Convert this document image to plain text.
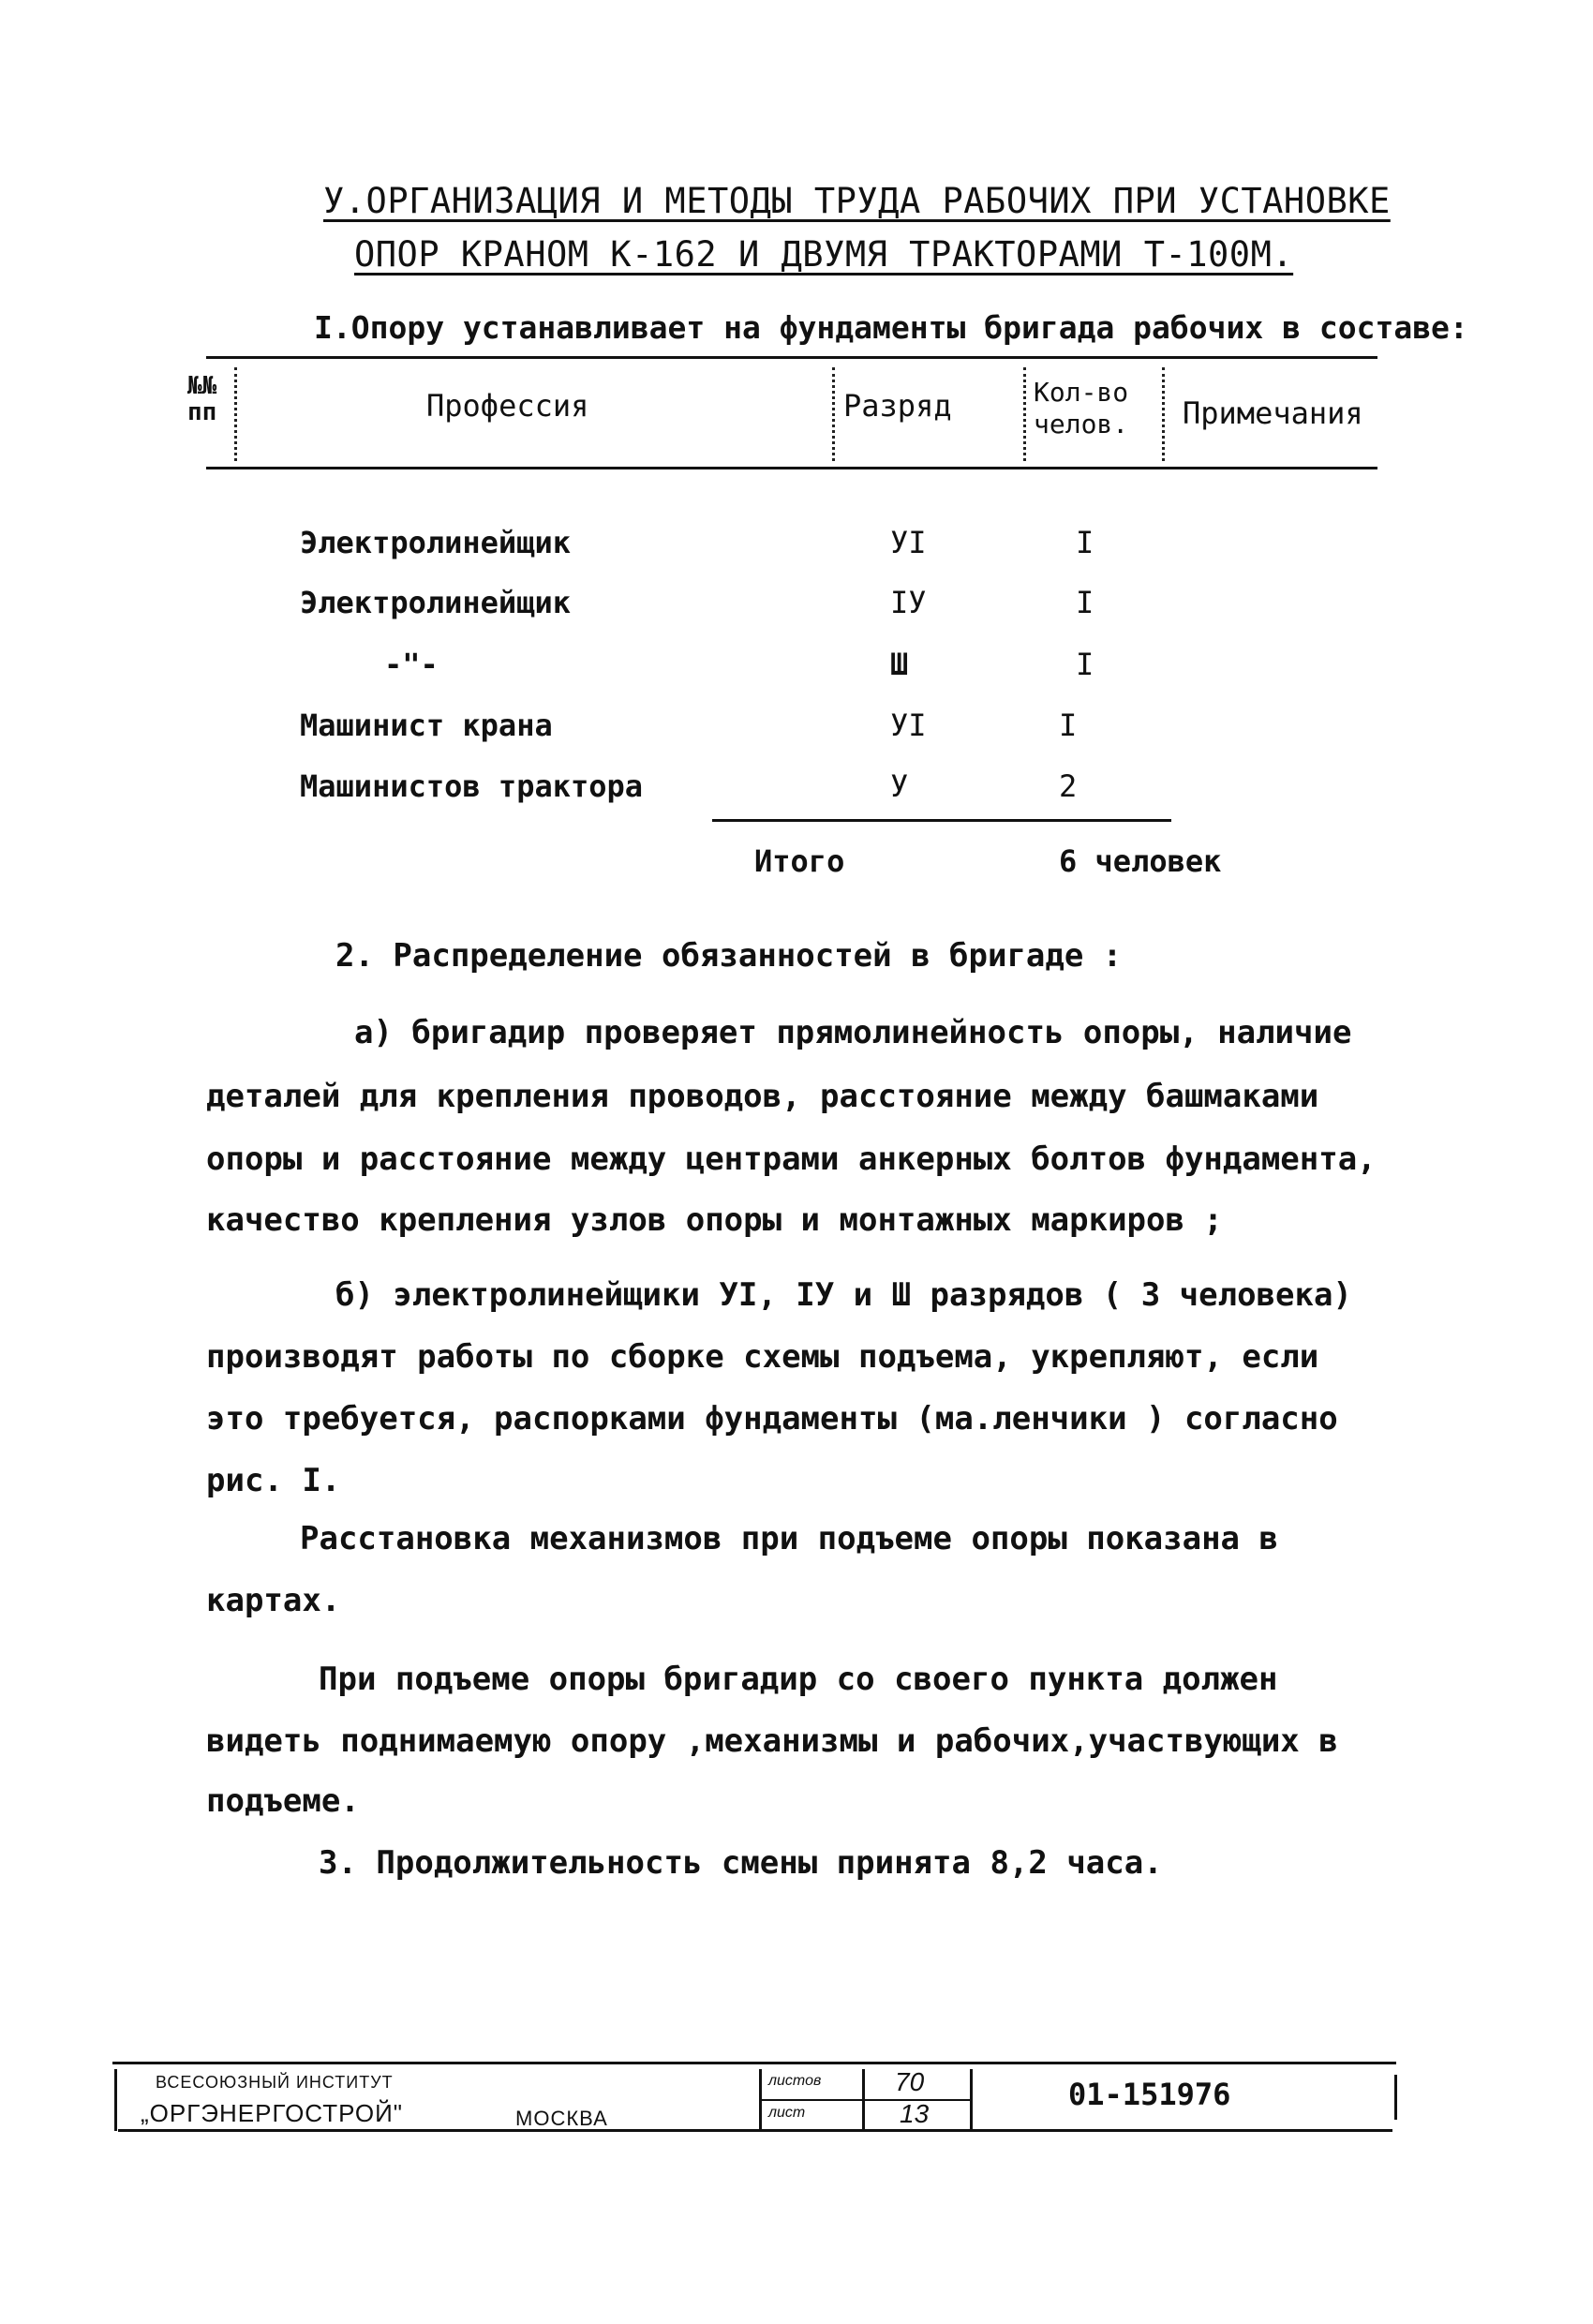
У.ОРГАНИЗАЦИЯ И МЕТОДЫ ТРУДА РАБОЧИХ ПРИ УСТАНОВКЕ
ОПОР КРАНОМ К-162 И ДВУМЯ ТРАКТОРАМИ Т-100М.
I.Опору устанавливает на фундаменты бригада рабочих в составе:
№№ пп	Профессия	Разряд	Кол-во челов.	Примечания
Электролинейщик	УI	I
Электролинейщик	IУ	I
-"-	Ш	I
Машинист крана	УI	I
Машинистов трактора	У	2
Итого	6 человек
2. Распределение обязанностей в бригаде :
а) бригадир проверяет прямолинейность опоры, наличие
деталей для крепления проводов, расстояние между башмаками
опоры и расстояние между центрами анкерных болтов фундамента,
качество крепления узлов опоры и монтажных маркиров ;
б) электролинейщики УI, IУ и Ш разрядов ( 3 человека)
производят работы по сборке схемы подъема, укрепляют, если
это требуется, распорками фундаменты (ма.ленчики ) согласно
рис. I.
Расстановка механизмов при подъеме опоры показана в
картах.
При подъеме опоры бригадир со своего пункта должен
видеть поднимаемую опору ,механизмы и рабочих,участвующих в
подъеме.
3. Продолжительность смены принята 8,2 часа.
ВСЕСОЮЗНЫЙ ИНСТИТУТ
„ОРГЭНЕРГОСТРОЙ"	МОСКВА
листов	70
лист	13
01-151976
